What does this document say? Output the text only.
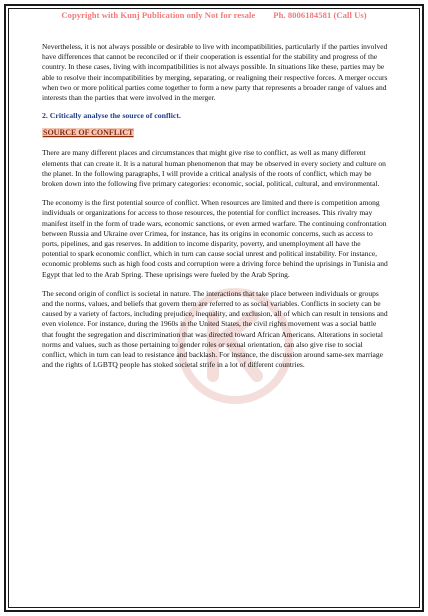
Copyright with Kunj Publication only Not for resale Ph. 8006184581 (Call Us)

Nevertheless, it is not always possible or desirable to live with incompatibilities, particularly if the parties involved have differences that cannot be reconciled or if their cooperation is essential for the stability and progress of the country. In these cases, living with incompatibilities is not always possible. In situations like these, parties may be able to resolve their incompatibilities by merging, separating, or realigning their respective forces. A merger occurs when two or more political parties come together to form a new party that represents a broader range of values and interests than the parties that were involved in the merger.

2. Critically analyse the source of conflict.
SOURCE OF CONFLICT

There are many different places and circumstances that might give rise to conflict, as well as many different elements that can create it. It is a natural human phenomenon that may be observed in every society and culture on the planet. In the following paragraphs, I will provide a critical analysis of the roots of conflict, which may be broken down into the following five primary categories: economic, social, political, cultural, and environmental.

The economy is the first potential source of conflict. When resources are limited and there is competition among individuals or organizations for access to those resources, the potential for conflict increases. This rivalry may manifest itself in the form of trade wars, economic sanctions, or even armed warfare. The continuing confrontation between Russia and Ukraine over Crimea, for instance, has its origins in economic concerns, such as access to ports, pipelines, and gas reserves. In addition to income disparity, poverty, and unemployment all have the potential to spark economic conflict, which in turn can cause social unrest and political instability. For instance, economic problems such as high food costs and corruption were a driving force behind the uprisings in Tunisia and Egypt that led to the Arab Spring. These uprisings were fueled by the Arab Spring.

The second origin of conflict is societal in nature. The interactions that take place between individuals or groups and the norms, values, and beliefs that govern them are referred to as social variables. Conflicts in society can be caused by a variety of factors, including prejudice, inequality, and exclusion, all of which can result in tensions and even violence. For instance, during the 1960s in the United States, the civil rights movement was a social battle that fought the segregation and discrimination that was directed toward African Americans. Alterations in societal norms and values, such as those pertaining to gender roles or sexual orientation, can also give rise to social conflict, which in turn can lead to resistance and backlash. For instance, the discussion around same-sex marriage and the rights of LGBTQ people has stoked societal strife in a lot of different countries.
